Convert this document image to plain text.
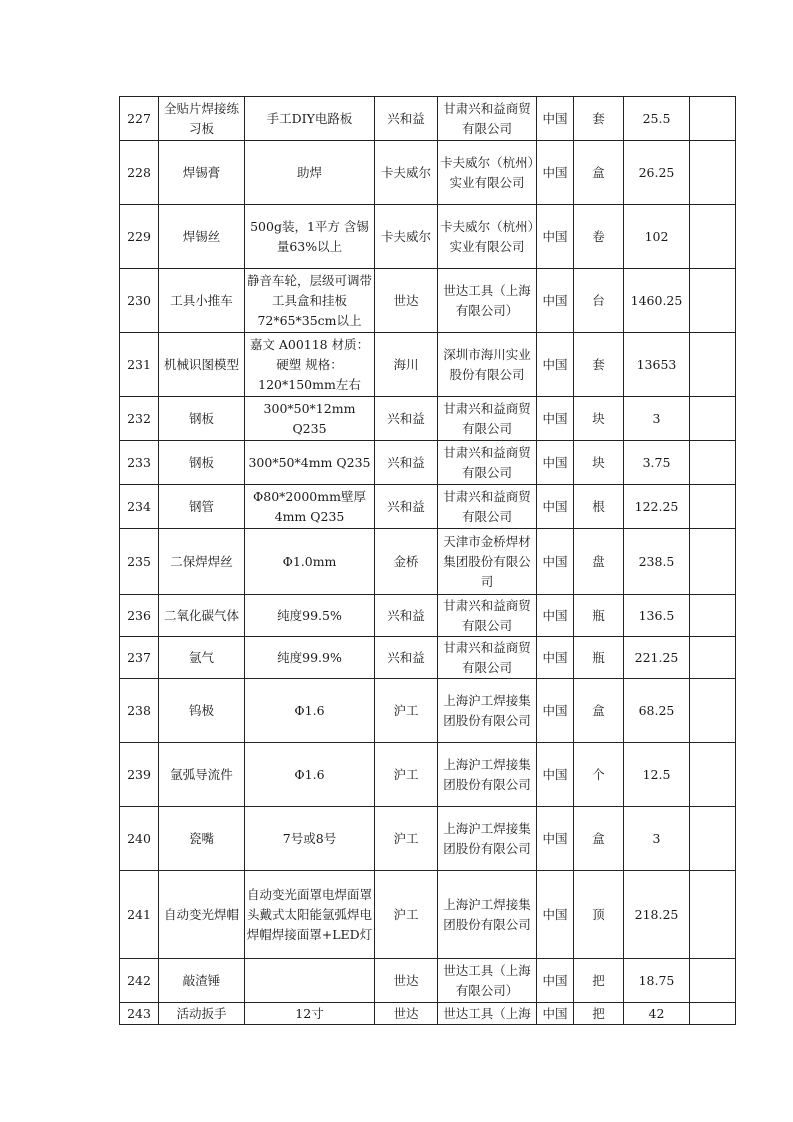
227	全贴片焊接练习板	手工DIY电路板	兴和益	甘肃兴和益商贸有限公司	中国	套	25.5	
228	焊锡膏	助焊	卡夫威尔	卡夫威尔（杭州）实业有限公司	中国	盒	26.25	
229	焊锡丝	500g装，1平方 含锡量63%以上	卡夫威尔	卡夫威尔（杭州）实业有限公司	中国	卷	102	
230	工具小推车	静音车轮，层级可调带工具盒和挂板72*65*35cm以上	世达	世达工具（上海有限公司）	中国	台	1460.25	
231	机械识图模型	嘉文 A00118 材质：硬塑 规格：120*150mm左右	海川	深圳市海川实业股份有限公司	中国	套	13653	
232	钢板	300*50*12mm Q235	兴和益	甘肃兴和益商贸有限公司	中国	块	3	
233	钢板	300*50*4mm Q235	兴和益	甘肃兴和益商贸有限公司	中国	块	3.75	
234	钢管	Φ80*2000mm壁厚4mm Q235	兴和益	甘肃兴和益商贸有限公司	中国	根	122.25	
235	二保焊焊丝	Φ1.0mm	金桥	天津市金桥焊材集团股份有限公司	中国	盘	238.5	
236	二氧化碳气体	纯度99.5%	兴和益	甘肃兴和益商贸有限公司	中国	瓶	136.5	
237	氩气	纯度99.9%	兴和益	甘肃兴和益商贸有限公司	中国	瓶	221.25	
238	钨极	Φ1.6	沪工	上海沪工焊接集团股份有限公司	中国	盒	68.25	
239	氩弧导流件	Φ1.6	沪工	上海沪工焊接集团股份有限公司	中国	个	12.5	
240	瓷嘴	7号或8号	沪工	上海沪工焊接集团股份有限公司	中国	盒	3	
241	自动变光焊帽	自动变光面罩电焊面罩头戴式太阳能氩弧焊电焊帽焊接面罩+LED灯	沪工	上海沪工焊接集团股份有限公司	中国	顶	218.25	
242	敲渣锤		世达	世达工具（上海有限公司）	中国	把	18.75	
243	活动扳手	12寸	世达	世达工具（上海	中国	把	42	
